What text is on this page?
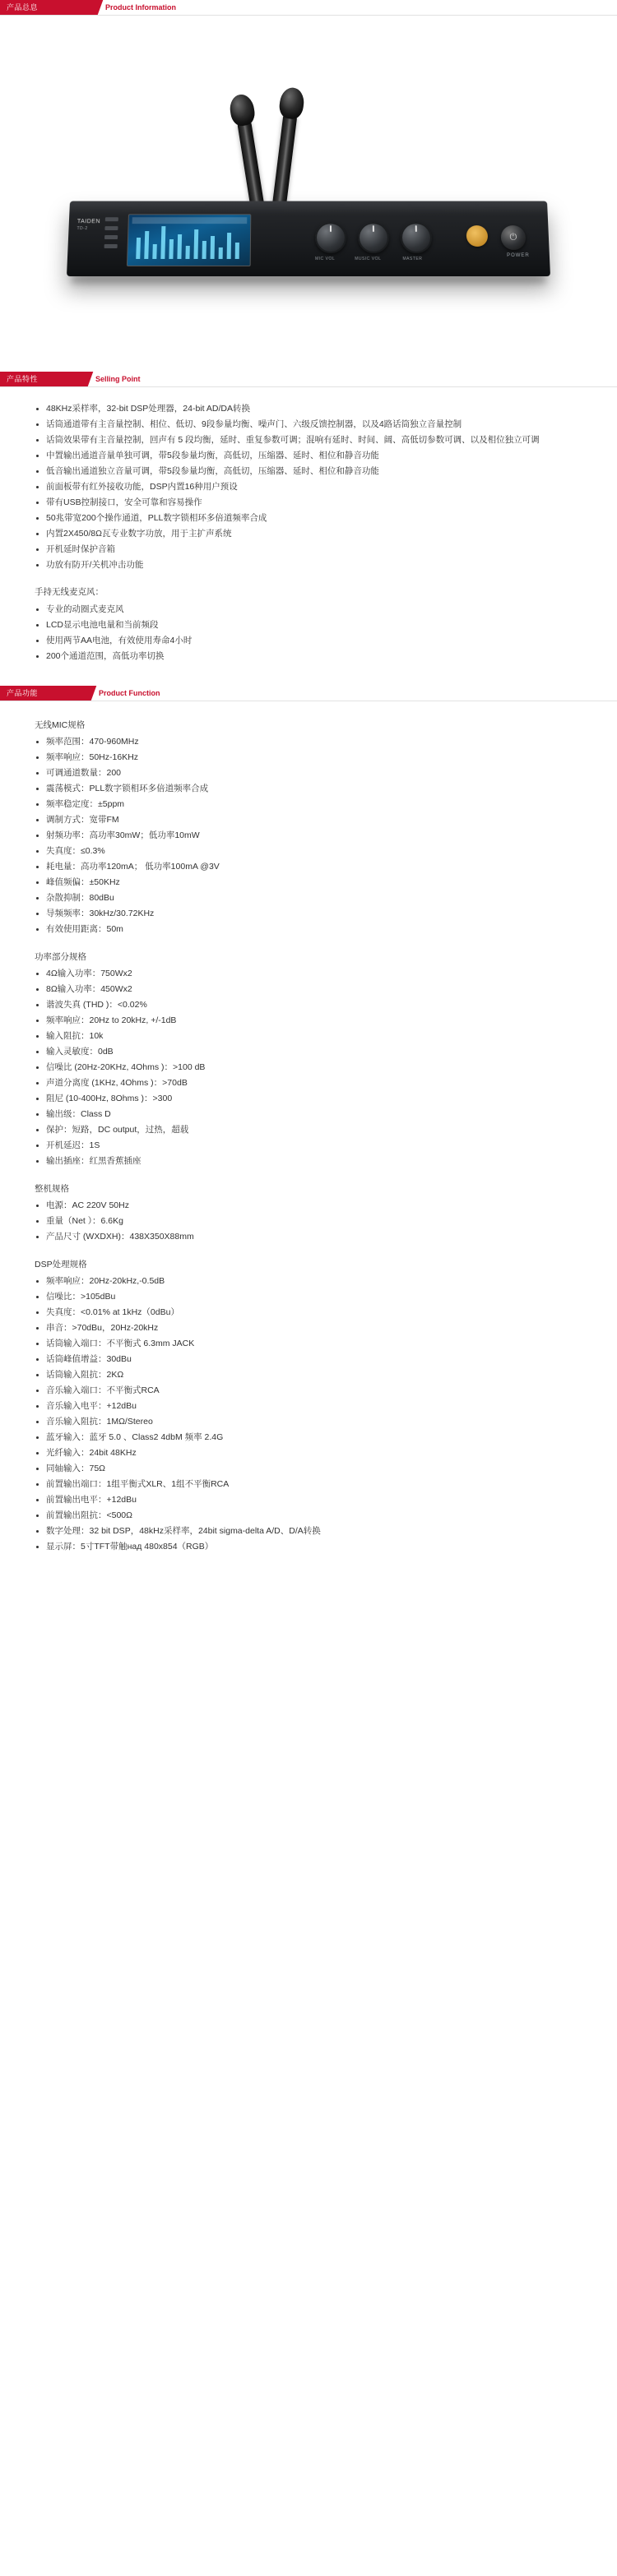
产品总息	Product Information
TAIDEN
TD-2
MIC VOL	MUSIC VOL	MASTER
⏻
POWER
产品特性	Selling Point
48KHz采样率，32-bit DSP处理器，24-bit AD/DA转换
话筒通道带有主音量控制、相位、低切、9段参量均衡、噪声门、六级反馈控制器，以及4路话筒独立音量控制
话筒效果带有主音量控制，回声有 5 段均衡，延时、重复参数可调；混响有延时、时间、阔、高低切参数可调、以及相位独立可调
中置输出通道音量单独可调，带5段参量均衡，高低切，压缩器、延时、相位和静音功能
低音输出通道独立音量可调，带5段参量均衡，高低切，压缩器、延时、相位和静音功能
前面板带有红外接收功能，DSP内置16种用户预设
带有USB控制接口，安全可靠和容易操作
50兆带宽200个操作通道，PLL数字锁相环多倍道频率合成
内置2X450/8Ω瓦专业数字功放，用于主扩声系统
开机延时保护音箱
功放有防开/关机冲击功能
手持无线麦克风：
专业的动圈式麦克风
LCD显示电池电量和当前频段
使用两节AA电池，有效使用寿命4小时
200个通道范围，高低功率切换
产品功能	Product Function
无线MIC规格
频率范围：470-960MHz
频率响应：50Hz-16KHz
可调通道数量：200
震荡模式：PLL数字锁相环多倍道频率合成
频率稳定度：±5ppm
调制方式：宽带FM
射频功率：高功率30mW；低功率10mW
失真度：≤0.3%
耗电量：高功率120mA； 低功率100mA @3V
峰值频偏：±50KHz
杂散抑制：80dBu
导频频率：30kHz/30.72KHz
有效使用距离：50m
功率部分规格
4Ω输入功率：750Wx2
8Ω输入功率：450Wx2
谐波失真 (THD )：<0.02%
频率响应：20Hz to 20kHz, +/-1dB
输入阻抗：10k
输入灵敏度：0dB
信噪比 (20Hz-20KHz, 4Ohms )：>100 dB
声道分离度 (1KHz, 4Ohms )：>70dB
阻尼 (10-400Hz, 8Ohms )：>300
输出级：Class D
保护：短路，DC output，过热，超载
开机延迟：1S
输出插座：红黑香蕉插座
整机规格
电源：AC 220V 50Hz
重量（Net ）：6.6Kg
产品尺寸 (WXDXH)：438X350X88mm
DSP处理规格
频率响应：20Hz-20kHz,-0.5dB
信噪比：>105dBu
失真度：<0.01% at 1kHz（0dBu）
串音：>70dBu，20Hz-20kHz
话筒输入端口：不平衡式 6.3mm JACK
话筒峰值增益：30dBu
话筒输入阻抗：2KΩ
音乐输入端口：不平衡式RCA
音乐输入电平：+12dBu
音乐输入阻抗：1MΩ/Stereo
蓝牙输入：蓝牙 5.0 、Class2 4dbM 频率 2.4G
光纤输入：24bit 48KHz
同轴输入：75Ω
前置输出端口：1组平衡式XLR、1组不平衡RCA
前置输出电平：+12dBu
前置输出阻抗：<500Ω
数字处理：32 bit DSP，48kHz采样率，24bit sigma-delta A/D、D/A转换
显示屏：5寸TFT带触над 480x854（RGB）
